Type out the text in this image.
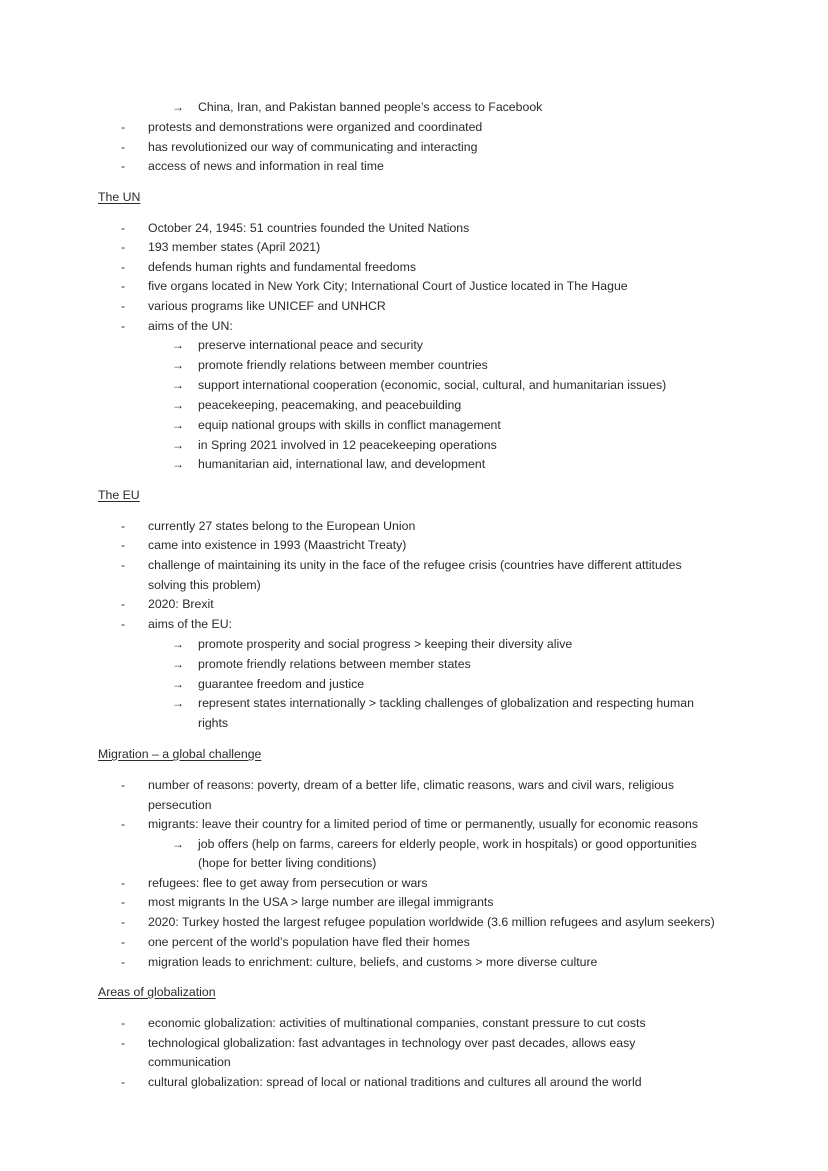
→ China, Iran, and Pakistan banned people’s access to Facebook
- protests and demonstrations were organized and coordinated
- has revolutionized our way of communicating and interacting
- access of news and information in real time
The UN
- October 24, 1945: 51 countries founded the United Nations
- 193 member states (April 2021)
- defends human rights and fundamental freedoms
- five organs located in New York City; International Court of Justice located in The Hague
- various programs like UNICEF and UNHCR
- aims of the UN:
→ preserve international peace and security
→ promote friendly relations between member countries
→ support international cooperation (economic, social, cultural, and humanitarian issues)
→ peacekeeping, peacemaking, and peacebuilding
→ equip national groups with skills in conflict management
→ in Spring 2021 involved in 12 peacekeeping operations
→ humanitarian aid, international law, and development
The EU
- currently 27 states belong to the European Union
- came into existence in 1993 (Maastricht Treaty)
- challenge of maintaining its unity in the face of the refugee crisis (countries have different attitudes
solving this problem)
- 2020: Brexit
- aims of the EU:
→ promote prosperity and social progress > keeping their diversity alive
→ promote friendly relations between member states
→ guarantee freedom and justice
→ represent states internationally > tackling challenges of globalization and respecting human
rights
Migration – a global challenge
- number of reasons: poverty, dream of a better life, climatic reasons, wars and civil wars, religious
persecution
- migrants: leave their country for a limited period of time or permanently, usually for economic reasons
→ job offers (help on farms, careers for elderly people, work in hospitals) or good opportunities
(hope for better living conditions)
- refugees: flee to get away from persecution or wars
- most migrants In the USA > large number are illegal immigrants
- 2020: Turkey hosted the largest refugee population worldwide (3.6 million refugees and asylum seekers)
- one percent of the world’s population have fled their homes
- migration leads to enrichment: culture, beliefs, and customs > more diverse culture
Areas of globalization
- economic globalization: activities of multinational companies, constant pressure to cut costs
- technological globalization: fast advantages in technology over past decades, allows easy
communication
- cultural globalization: spread of local or national traditions and cultures all around the world
